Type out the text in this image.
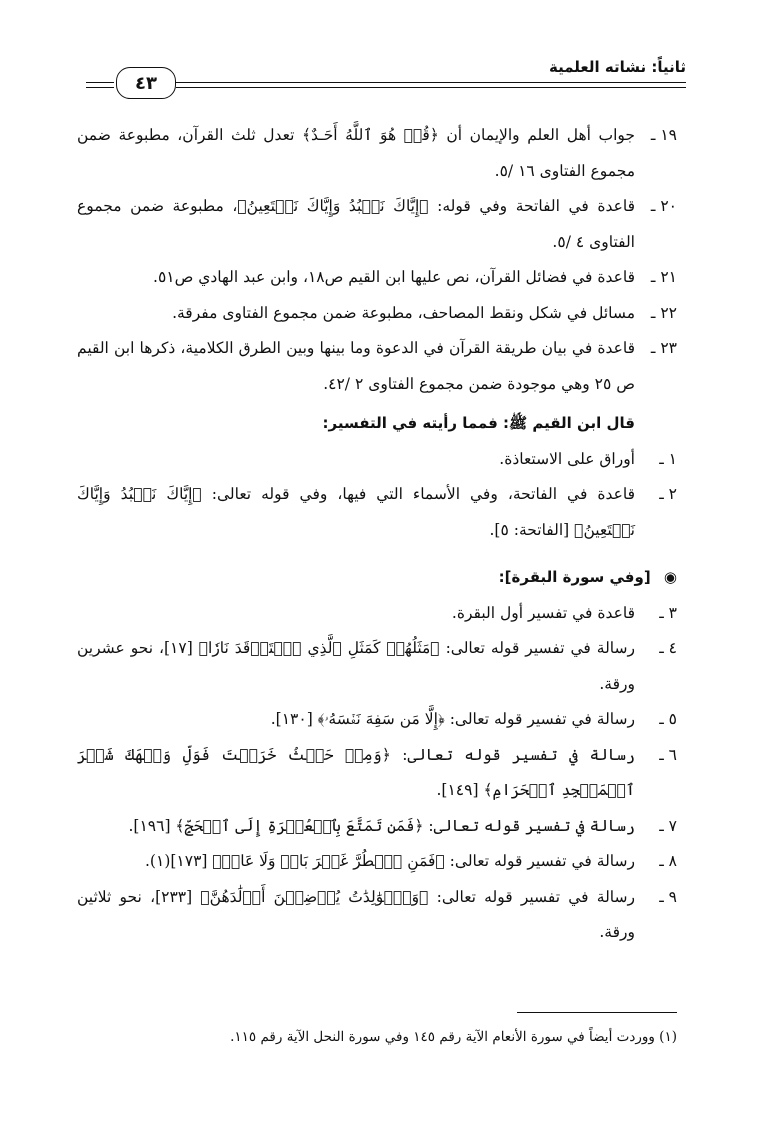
ثانياً: نشاته العلمية
٤٣
١٩ ـ
جواب أهل العلم والإيمان أن ﴿قُلۡ هُوَ ٱللَّهُ أَحَـدٌ﴾ تعدل ثلث القرآن، مطبوعة ضمن مجموع الفتاوى ١٦ /٥.
٢٠ ـ
قاعدة في الفاتحة وفي قوله: ﴿إِيَّاكَ نَعۡبُدُ وَإِيَّاكَ نَسۡتَعِينُ﴾، مطبوعة ضمن مجموع الفتاوى ٤ /٥.
٢١ ـ
قاعدة في فضائل القرآن، نص عليها ابن القيم ص١٨، وابن عبد الهادي ص٥١.
٢٢ ـ
مسائل في شكل ونقط المصاحف، مطبوعة ضمن مجموع الفتاوى مفرقة.
٢٣ ـ
قاعدة في بيان طريقة القرآن في الدعوة وما بينها وبين الطرق الكلامية، ذكرها ابن القيم ص ٢٥ وهي موجودة ضمن مجموع الفتاوى ٢ /٤٢.
قال ابن القيم ﷺ: فمما رأيته في التفسير:
١ ـ
أوراق على الاستعاذة.
٢ ـ
قاعدة في الفاتحة، وفي الأسماء التي فيها، وفي قوله تعالى: ﴿إِيَّاكَ نَعۡبُدُ وَإِيَّاكَ نَسۡتَعِينُ﴾ [الفاتحة: ٥].
◉ [وفي سورة البقرة]:
٣ ـ
قاعدة في تفسير أول البقرة.
٤ ـ
رسالة في تفسير قوله تعالى: ﴿مَثَلُهُمۡ كَمَثَلِ ٱلَّذِي ٱسۡتَوۡقَدَ نَارٗا﴾ [١٧]، نحو عشرين ورقة.
٥ ـ
رسالة في تفسير قوله تعالى: ﴿إِلَّا مَن سَفِهَ نَفۡسَهُۥ﴾ [١٣٠].
٦ ـ
رسالة في تفسير قوله تعالى: ﴿وَمِنۡ حَيۡثُ خَرَجۡتَ فَوَلِّ وَجۡهَكَ شَطۡرَ ٱلۡمَسۡجِدِ ٱلۡحَرَامِ﴾ [١٤٩].
٧ ـ
رسالة في تفسير قوله تعالى: ﴿فَمَن تَمَتَّعَ بِٱلۡعُمۡرَةِ إِلَى ٱلۡحَجِّ﴾ [١٩٦].
٨ ـ
رسالة في تفسير قوله تعالى: ﴿فَمَنِ ٱضۡطُرَّ غَيۡرَ بَاغٖ وَلَا عَادٖ﴾ [١٧٣](١).
٩ ـ
رسالة في تفسير قوله تعالى: ﴿وَٱلۡوَٰلِدَٰتُ يُرۡضِعۡنَ أَوۡلَٰدَهُنَّ﴾ [٢٣٣]، نحو ثلاثين ورقة.
(١) ووردت أيضاً في سورة الأنعام الآية رقم ١٤٥ وفي سورة النحل الآية رقم ١١٥.
